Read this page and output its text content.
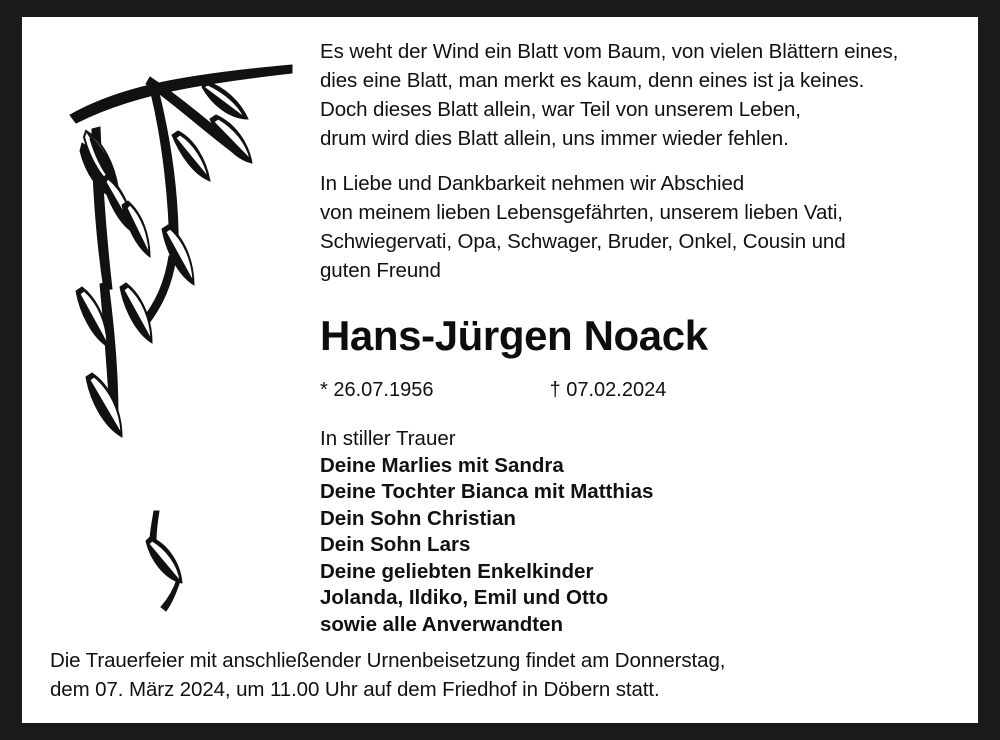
Es weht der Wind ein Blatt vom Baum, von vielen Blättern eines,
dies eine Blatt, man merkt es kaum, denn eines ist ja keines.
Doch dieses Blatt allein, war Teil von unserem Leben,
drum wird dies Blatt allein, uns immer wieder fehlen.
In Liebe und Dankbarkeit nehmen wir Abschied
von meinem lieben Lebensgefährten, unserem lieben Vati,
Schwiegervati, Opa, Schwager, Bruder, Onkel, Cousin und
guten Freund
Hans-Jürgen Noack
* 26.07.1956	† 07.02.2024
In stiller Trauer
Deine Marlies mit Sandra
Deine Tochter Bianca mit Matthias
Dein Sohn Christian
Dein Sohn Lars
Deine geliebten Enkelkinder
Jolanda, Ildiko, Emil und Otto
sowie alle Anverwandten
Die Trauerfeier mit anschließender Urnenbeisetzung findet am Donnerstag,
dem 07. März 2024, um 11.00 Uhr auf dem Friedhof in Döbern statt.
